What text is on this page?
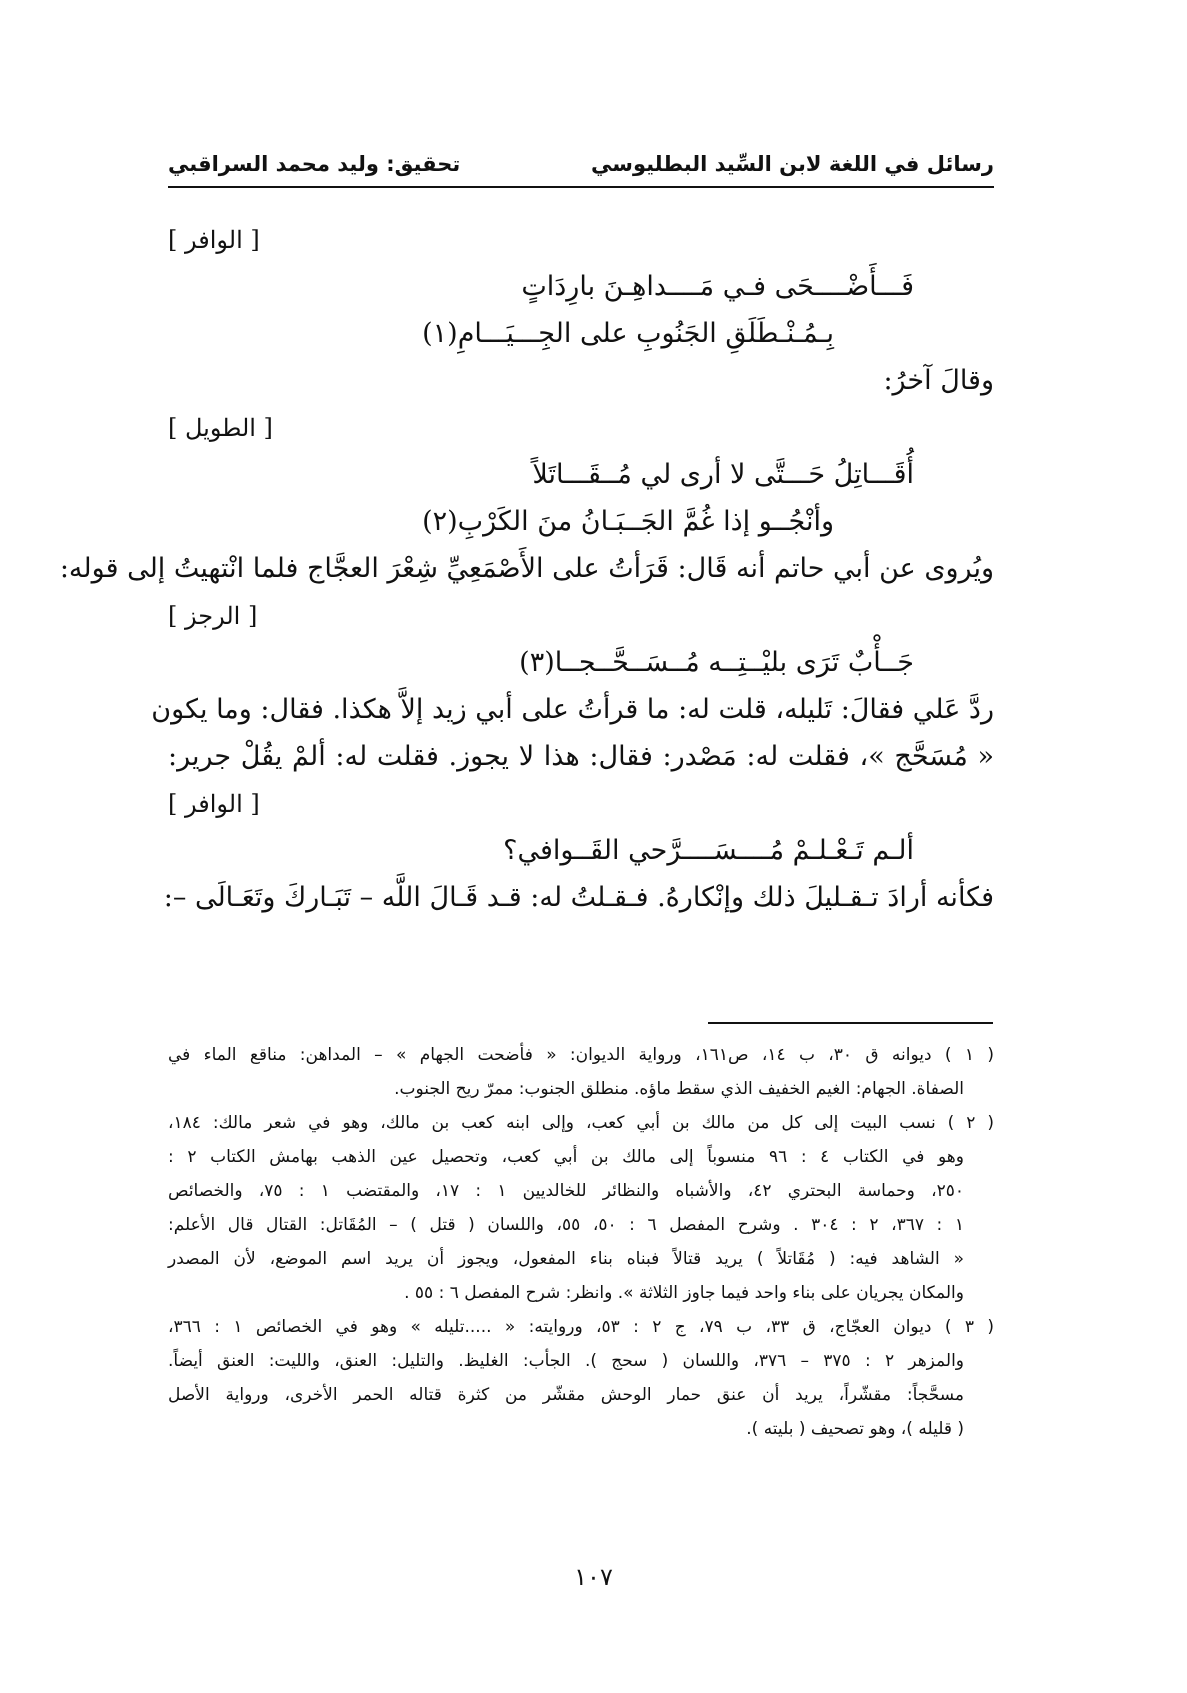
رسائل في اللغة لابن السِّيد البطليوسي
تحقيق: وليد محمد السراقبي
[ الوافر ]
فَـــأَضْــــحَى فـي مَــــداهِـنَ بارِدَاتٍ
بِـمُـنْـطَلَقِ الجَنُوبِ على الجِـــيَـــامِ(١)
وقالَ آخرُ:
[ الطويل ]
أُقَـــاتِلُ حَـــتَّى لا أرى لي مُــقَـــاتَلاً
وأنْجُــو إذا غُمَّ الجَــبَـانُ منَ الكَرْبِ(٢)
ويُروى عن أبي حاتم أنه قَال: قَرَأتُ على الأَصْمَعِيِّ شِعْرَ العجَّاج فلما انْتهيتُ إلى قوله:
[ الرجز ]
جَــأْبٌ تَرَى بليْــتِــه مُــسَــحَّــجــا(٣)
ردَّ عَلي فقالَ: تَليله، قلت له: ما قرأتُ على أبي زيد إلاَّ هكذا. فقال: وما يكون
« مُسَحَّج »، فقلت له: مَصْدر: فقال: هذا لا يجوز. فقلت له: ألمْ يقُلْ جرير:
[ الوافر ]
ألـم تَـعْـلـمْ مُــــسَــــرَّحي القَــوافي؟
فكأنه أرادَ تـقـليلَ ذلك وإنْكارهُ. فـقـلتُ له: قـد قَـالَ اللَّه – تَبَـاركَ وتَعَـالَى –:
( ١ ) ديوانه ق ٣٠، ب ١٤، ص١٦١، ورواية الديوان: « فأضحت الجهام » – المداهن: مناقع الماء في
الصفاة. الجهام: الغيم الخفيف الذي سقط ماؤه. منطلق الجنوب: ممرّ ريح الجنوب.
( ٢ ) نسب البيت إلى كل من مالك بن أبي كعب، وإلى ابنه كعب بن مالك، وهو في شعر مالك: ١٨٤،
وهو في الكتاب ٤ : ٩٦ منسوباً إلى مالك بن أبي كعب، وتحصيل عين الذهب بهامش الكتاب ٢ :
٢٥٠، وحماسة البحتري ٤٢، والأشباه والنظائر للخالديين ١ : ١٧، والمقتضب ١ : ٧٥، والخصائص
١ : ٣٦٧، ٢ : ٣٠٤ . وشرح المفصل ٦ : ٥٠، ٥٥، واللسان ( قتل ) – المُقَاتل: القتال قال الأعلم:
« الشاهد فيه: ( مُقَاتلاً ) يريد قتالاً فبناه بناء المفعول، ويجوز أن يريد اسم الموضع، لأن المصدر
والمكان يجريان على بناء واحد فيما جاوز الثلاثة ». وانظر: شرح المفصل ٦ : ٥٥ .
( ٣ ) ديوان العجّاج، ق ٣٣، ب ٧٩، ج ٢ : ٥٣، وروايته: « .....تليله » وهو في الخصائص ١ : ٣٦٦،
والمزهر ٢ : ٣٧٥ – ٣٧٦، واللسان ( سحج ). الجأب: الغليظ. والتليل: العنق، والليت: العنق أيضاً.
مسحَّجاً: مقشّراً، يريد أن عنق حمار الوحش مقشّر من كثرة قتاله الحمر الأخرى، ورواية الأصل
( قليله )، وهو تصحيف ( بليته ).
١٠٧
